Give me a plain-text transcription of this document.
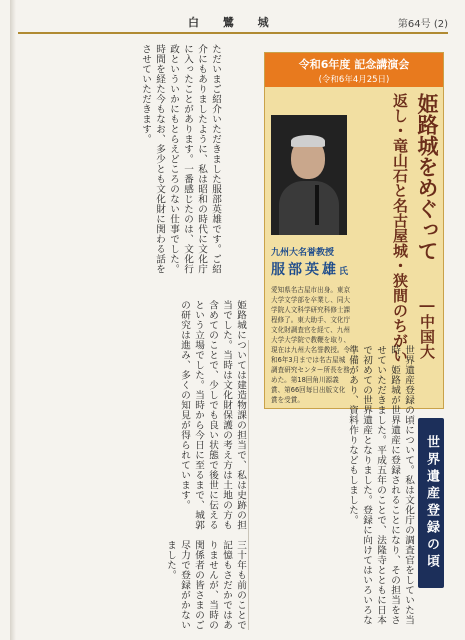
白 鷺 城	第64号 (2)
ただいまご紹介いただきました服部英雄です。ご紹介にもありましたように、私は昭和の時代に文化庁に入ったことがあります。一番感じたのは、文化行政といういかにもとらえどころのない仕事でした。時間を経た今もなお、多少とも文化財に関わる話をさせていただきます。
姫路城については建造物課の担当で、私は史跡の担当でした。当時は文化財保護の考え方は土地の方も含めてのことで、少しでも良い状態で後世に伝えるという立場でした。当時から今日に至るまで、城郭の研究は進み、多くの知見が得られています。
三十年も前のことで記憶もさだかではありませんが、当時の関係者の皆さまのご尽力で登録がかないました。
令和6年度 記念講演会
(令和6年4月25日)
姫路城をめぐって ―中国大返し・竜山石と名古屋城・狭間のちがい
九州大名誉教授
服部英雄氏
愛知県名古屋市出身。東京大学文学部を卒業し、同大学院人文科学研究科修士課程修了。東大助手、文化庁文化財調査官を経て、九州大学大学院で教鞭を取り、現在は九州大名誉教授。令和6年3月までは名古屋城調査研究センター所長を務めた。第18回角川源義賞、第66回毎日出版文化賞を受賞。	世界遺産登録の頃について。私は文化庁の調査官をしていた当時、姫路城が世界遺産に登録されることになり、その担当をさせていただきました。平成五年のことで、法隆寺とともに日本で初めての世界遺産となりました。登録に向けてはいろいろな準備があり、資料作りなどもしました。	世界遺産登録の頃
